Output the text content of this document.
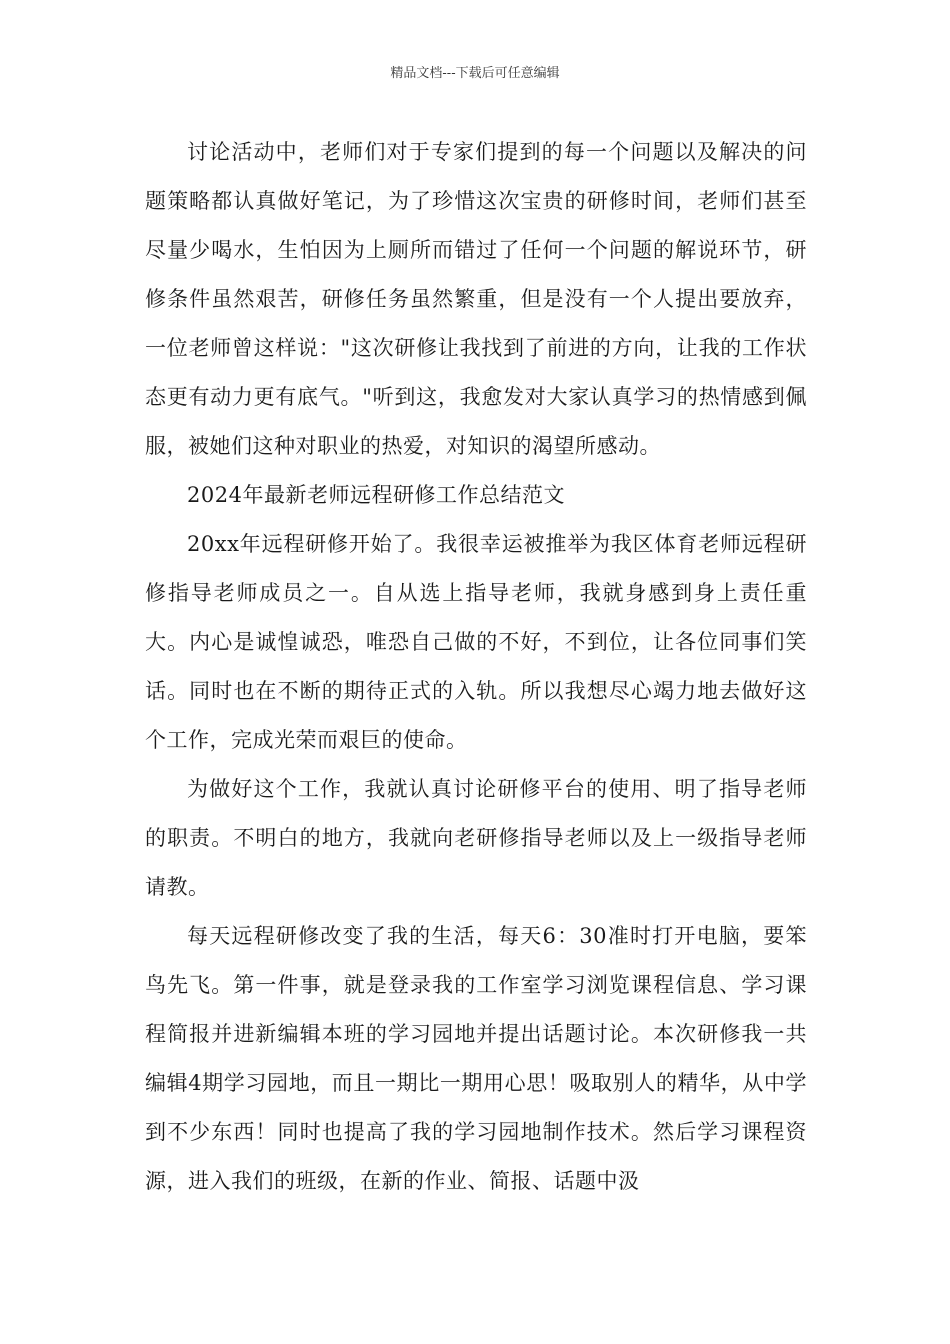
精品文档---下载后可任意编辑

讨论活动中，老师们对于专家们提到的每一个问题以及解决的问题策略都认真做好笔记，为了珍惜这次宝贵的研修时间，老师们甚至尽量少喝水，生怕因为上厕所而错过了任何一个问题的解说环节，研修条件虽然艰苦，研修任务虽然繁重，但是没有一个人提出要放弃，一位老师曾这样说："这次研修让我找到了前进的方向，让我的工作状态更有动力更有底气。"听到这，我愈发对大家认真学习的热情感到佩服，被她们这种对职业的热爱，对知识的渴望所感动。

2024年最新老师远程研修工作总结范文

20xx年远程研修开始了。我很幸运被推举为我区体育老师远程研修指导老师成员之一。自从选上指导老师，我就身感到身上责任重大。内心是诚惶诚恐，唯恐自己做的不好，不到位，让各位同事们笑话。同时也在不断的期待正式的入轨。所以我想尽心竭力地去做好这个工作，完成光荣而艰巨的使命。

为做好这个工作，我就认真讨论研修平台的使用、明了指导老师的职责。不明白的地方，我就向老研修指导老师以及上一级指导老师请教。

每天远程研修改变了我的生活，每天6：30准时打开电脑，要笨鸟先飞。第一件事，就是登录我的工作室学习浏览课程信息、学习课程简报并进新编辑本班的学习园地并提出话题讨论。本次研修我一共编辑4期学习园地，而且一期比一期用心思！吸取别人的精华，从中学到不少东西！同时也提高了我的学习园地制作技术。然后学习课程资源，进入我们的班级，在新的作业、简报、话题中汲
